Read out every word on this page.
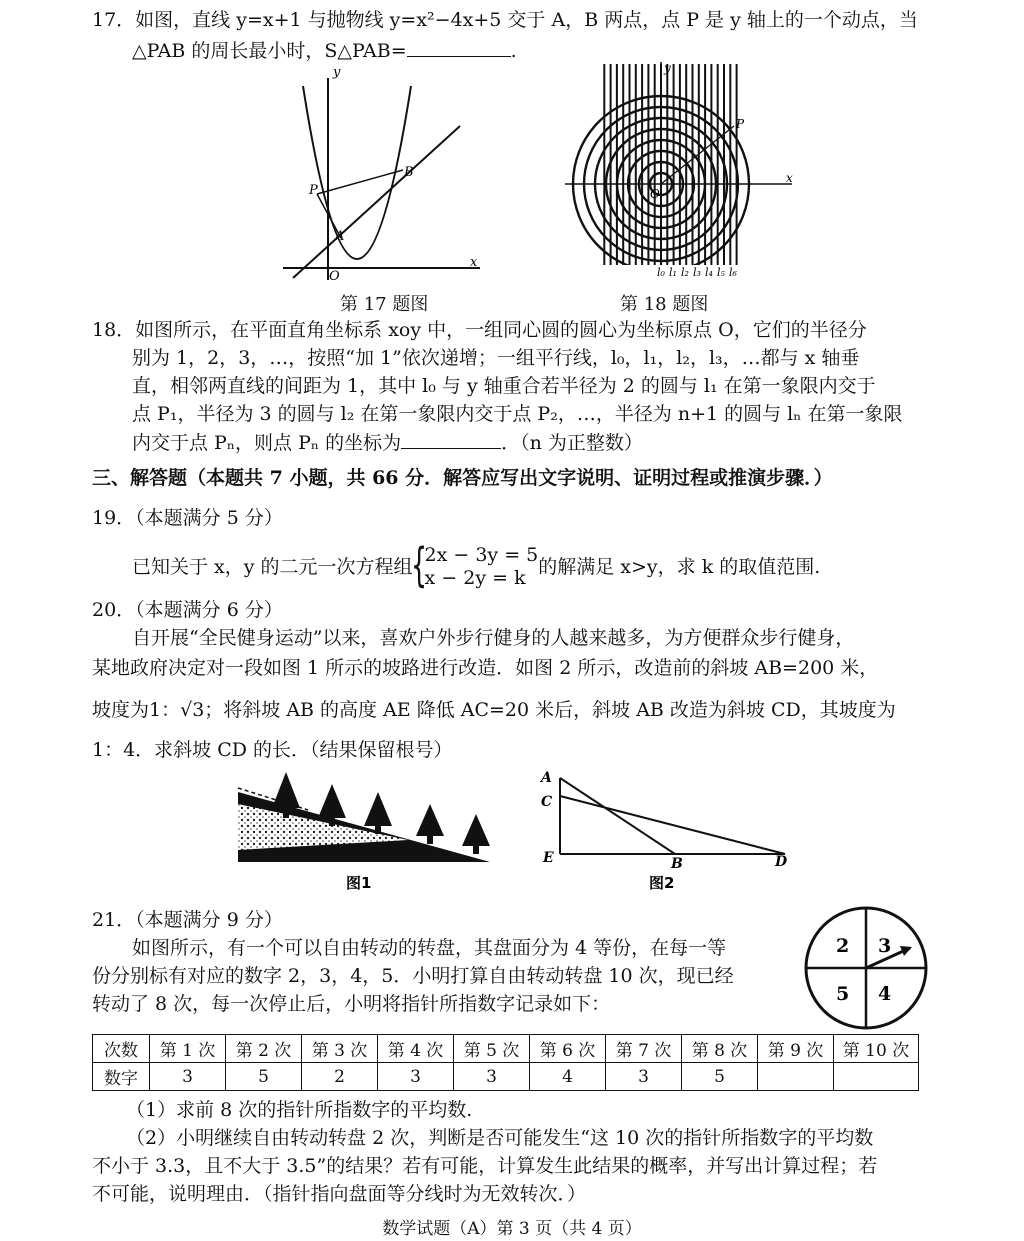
17．如图，直线 y=x+1 与抛物线 y=x²−4x+5 交于 A，B 两点，点 P 是 y 轴上的一个动点，当
△PAB 的周长最小时，S△PAB=	.
x
y
O
P
A
B
第 17 题图
y
x
O
P
l₀ l₁ l₂ l₃ l₄ l₅ l₆
第 18 题图
18．如图所示，在平面直角坐标系 xoy 中，一组同心圆的圆心为坐标原点 O，它们的半径分
别为 1，2，3，…，按照“加 1”依次递增；一组平行线，l₀，l₁，l₂，l₃，…都与 x 轴垂
直，相邻两直线的间距为 1，其中 l₀ 与 y 轴重合若半径为 2 的圆与 l₁ 在第一象限内交于
点 P₁，半径为 3 的圆与 l₂ 在第一象限内交于点 P₂，…，半径为 n+1 的圆与 lₙ 在第一象限
内交于点 Pₙ，则点 Pₙ 的坐标为	．（n 为正整数）
三、解答题（本题共 7 小题，共 66 分．解答应写出文字说明、证明过程或推演步骤．）
19．（本题满分 5 分）
已知关于 x，y 的二元一次方程组
{
2x − 3y = 5
x − 2y = k 的解满足 x>y，求 k 的取值范围.
20．（本题满分 6 分）
自开展“全民健身运动”以来，喜欢户外步行健身的人越来越多，为方便群众步行健身，
某地政府决定对一段如图 1 所示的坡路进行改造．如图 2 所示，改造前的斜坡 AB=200 米，
坡度为1：√3；将斜坡 AB 的高度 AE 降低 AC=20 米后，斜坡 AB 改造为斜坡 CD，其坡度为
1：4．求斜坡 CD 的长．（结果保留根号）
图1
A
C
E	B	D
图2
21．（本题满分 9 分）
如图所示，有一个可以自由转动的转盘，其盘面分为 4 等份，在每一等
份分别标有对应的数字 2，3，4，5．小明打算自由转动转盘 10 次，现已经
转动了 8 次，每一次停止后，小明将指针所指数字记录如下：
2 3
5 4
次数	第 1 次	第 2 次	第 3 次	第 4 次	第 5 次	第 6 次	第 7 次	第 8 次	第 9 次	第 10 次
数字	3	5	2	3	3	4	3	5		
（1）求前 8 次的指针所指数字的平均数.
（2）小明继续自由转动转盘 2 次，判断是否可能发生“这 10 次的指针所指数字的平均数
不小于 3.3，且不大于 3.5”的结果？若有可能，计算发生此结果的概率，并写出计算过程；若
不可能，说明理由．（指针指向盘面等分线时为无效转次．）
数学试题（A）第 3 页（共 4 页）
